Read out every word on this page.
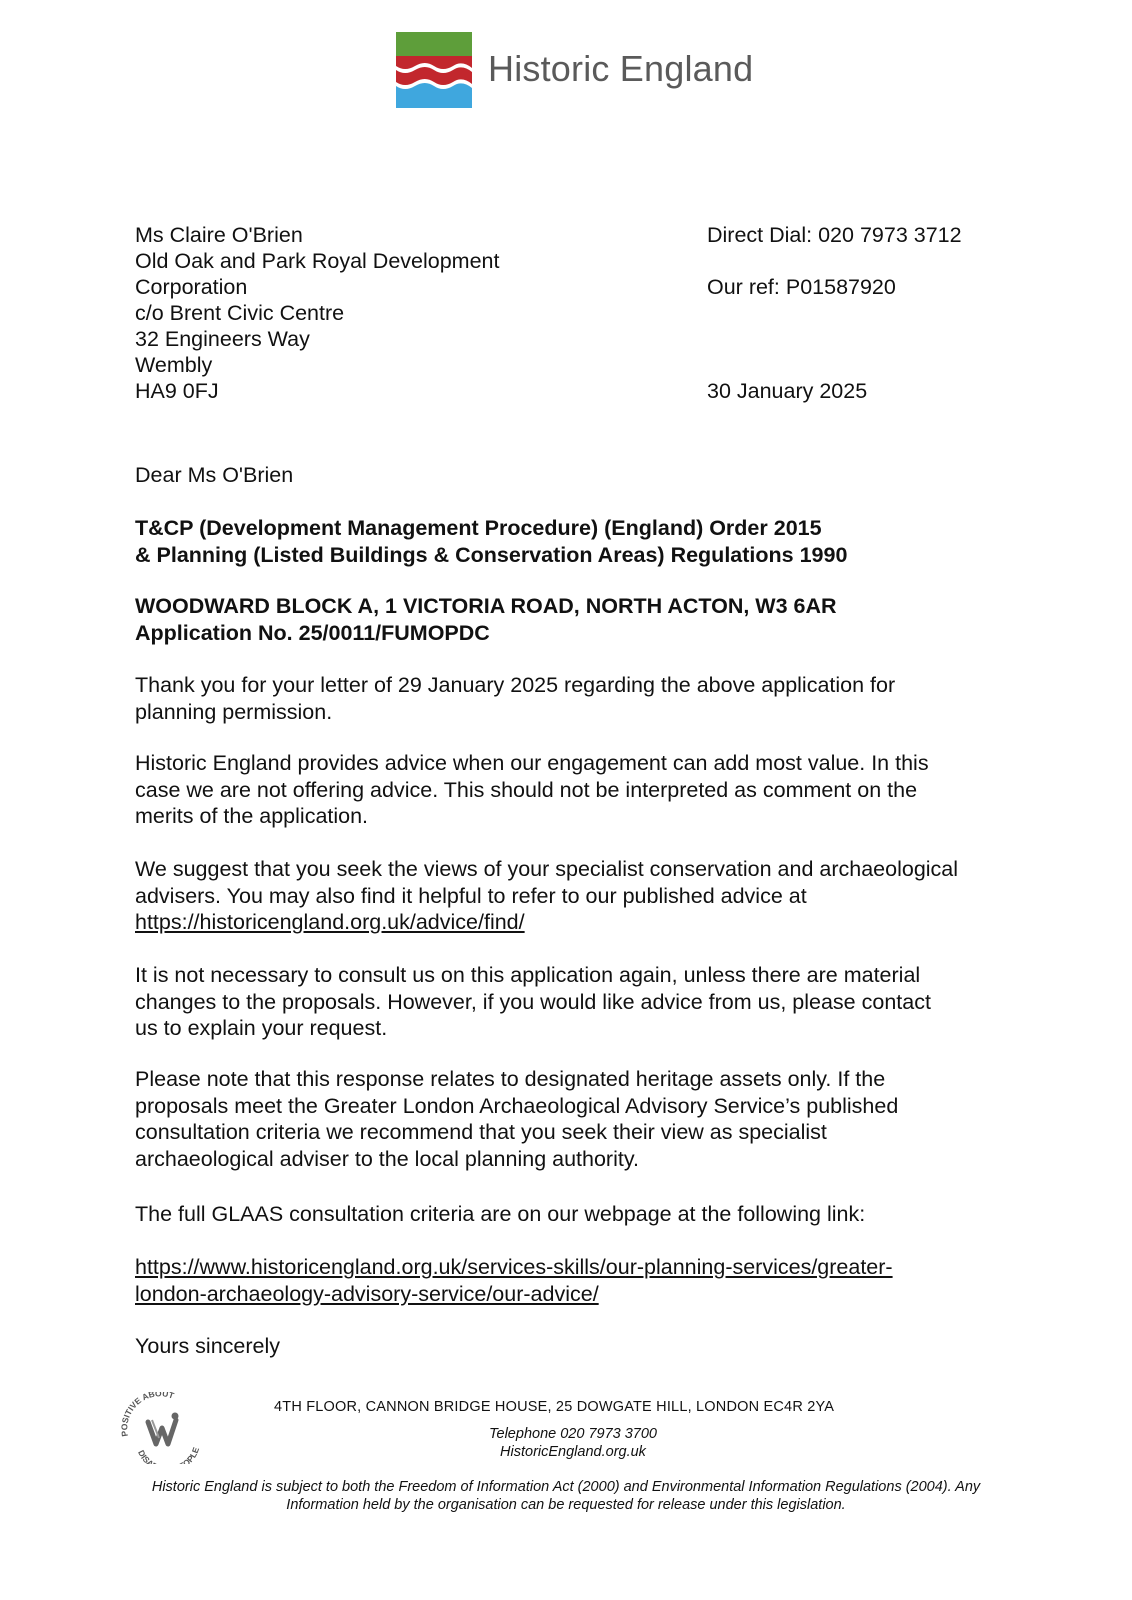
Historic England
Ms Claire O'Brien
Old Oak and Park Royal Development
Corporation
c/o Brent Civic Centre
32 Engineers Way
Wembly
HA9 0FJ
Direct Dial: 020 7973 3712
Our ref: P01587920
30 January 2025
Dear Ms O'Brien
T&CP (Development Management Procedure) (England) Order 2015
& Planning (Listed Buildings & Conservation Areas) Regulations 1990
WOODWARD BLOCK A, 1 VICTORIA ROAD, NORTH ACTON, W3 6AR
Application No. 25/0011/FUMOPDC
Thank you for your letter of 29 January 2025 regarding the above application for
planning permission.
Historic England provides advice when our engagement can add most value. In this
case we are not offering advice. This should not be interpreted as comment on the
merits of the application.
We suggest that you seek the views of your specialist conservation and archaeological
advisers. You may also find it helpful to refer to our published advice at
https://historicengland.org.uk/advice/find/
It is not necessary to consult us on this application again, unless there are material
changes to the proposals. However, if you would like advice from us, please contact
us to explain your request.
Please note that this response relates to designated heritage assets only. If the
proposals meet the Greater London Archaeological Advisory Service’s published
consultation criteria we recommend that you seek their view as specialist
archaeological adviser to the local planning authority.
The full GLAAS consultation criteria are on our webpage at the following link:
https://www.historicengland.org.uk/services-skills/our-planning-services/greater-
london-archaeology-advisory-service/our-advice/
Yours sincerely
POSITIVE ABOUT
DISA OPLE
4TH FLOOR, CANNON BRIDGE HOUSE, 25 DOWGATE HILL, LONDON EC4R 2YA
Telephone 020 7973 3700
HistoricEngland.org.uk
Historic England is subject to both the Freedom of Information Act (2000) and Environmental Information Regulations (2004). Any
Information held by the organisation can be requested for release under this legislation.
